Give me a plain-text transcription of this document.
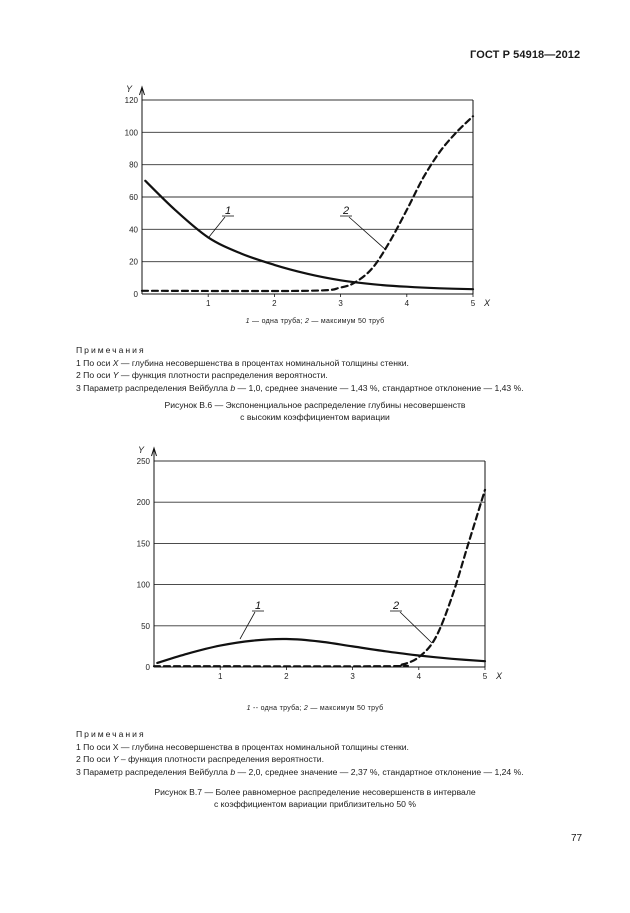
ГОСТ Р 54918—2012
Y
X
0
20
40
60
80
100
120
1	2	3	4	5
1	2
1 — одна труба; 2 — максимум 50 труб
Примечания
1 По оси X — глубина несовершенства в процентах номинальной толщины стенки.
2 По оси Y — функция плотности распределения вероятности.
3 Параметр распределения Вейбулла b — 1,0, среднее значение — 1,43 %, стандартное отклонение — 1,43 %.
Рисунок В.6 — Экспоненциальное распределение глубины несовершенств
с высоким коэффициентом вариации
Y
X
0
50
100
150
200
250
1	2	3	4	5
1	2
1 -- одна труба; 2 — максимум 50 труб
Примечания
1 По оси Х — глубина несовершенства в процентах номинальной толщины стенки.
2 По оси Y – функция плотности распределения вероятности.
3 Параметр распределения Вейбулла b — 2,0, среднее значение — 2,37 %, стандартное отклонение — 1,24 %.
Рисунок В.7 — Более равномерное распределение несовершенств в интервале
с коэффициентом вариации приблизительно 50 %
77
